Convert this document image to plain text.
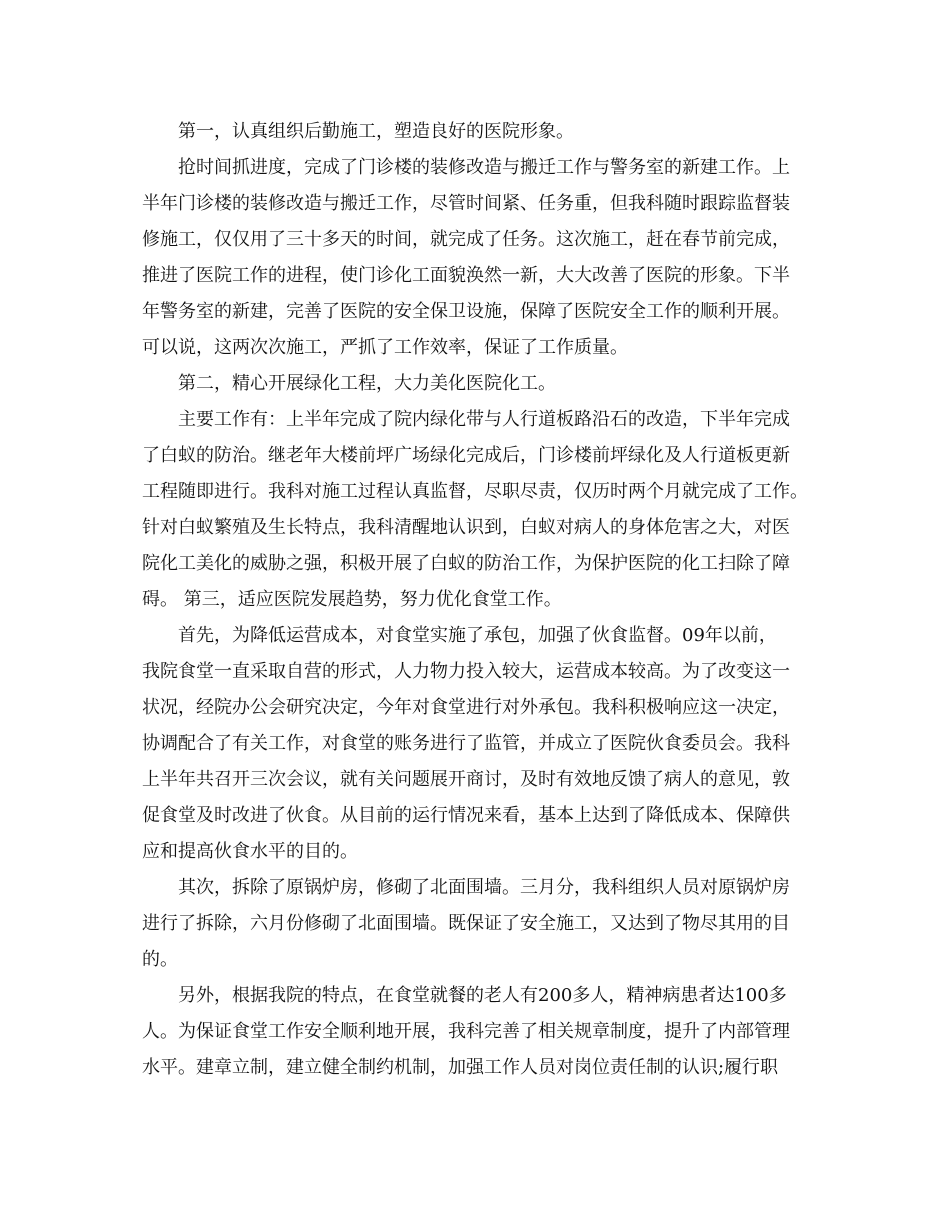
第一，认真组织后勤施工，塑造良好的医院形象。
抢时间抓进度，完成了门诊楼的装修改造与搬迁工作与警务室的新建工作。上
半年门诊楼的装修改造与搬迁工作，尽管时间紧、任务重，但我科随时跟踪监督装
修施工，仅仅用了三十多天的时间，就完成了任务。这次施工，赶在春节前完成，
推进了医院工作的进程，使门诊化工面貌涣然一新，大大改善了医院的形象。下半
年警务室的新建，完善了医院的安全保卫设施，保障了医院安全工作的顺利开展。
可以说，这两次次施工，严抓了工作效率，保证了工作质量。
第二，精心开展绿化工程，大力美化医院化工。
主要工作有：上半年完成了院内绿化带与人行道板路沿石的改造，下半年完成
了白蚁的防治。继老年大楼前坪广场绿化完成后，门诊楼前坪绿化及人行道板更新
工程随即进行。我科对施工过程认真监督，尽职尽责，仅历时两个月就完成了工作。
针对白蚁繁殖及生长特点，我科清醒地认识到，白蚁对病人的身体危害之大，对医
院化工美化的威胁之强，积极开展了白蚁的防治工作，为保护医院的化工扫除了障
碍。 第三，适应医院发展趋势，努力优化食堂工作。
首先，为降低运营成本，对食堂实施了承包，加强了伙食监督。09年以前，
我院食堂一直采取自营的形式，人力物力投入较大，运营成本较高。为了改变这一
状况，经院办公会研究决定，今年对食堂进行对外承包。我科积极响应这一决定，
协调配合了有关工作，对食堂的账务进行了监管，并成立了医院伙食委员会。我科
上半年共召开三次会议，就有关问题展开商讨，及时有效地反馈了病人的意见，敦
促食堂及时改进了伙食。从目前的运行情况来看，基本上达到了降低成本、保障供
应和提高伙食水平的目的。
其次，拆除了原锅炉房，修砌了北面围墙。三月分，我科组织人员对原锅炉房
进行了拆除，六月份修砌了北面围墙。既保证了安全施工，又达到了物尽其用的目
的。
另外，根据我院的特点，在食堂就餐的老人有200多人，精神病患者达100多
人。为保证食堂工作安全顺利地开展，我科完善了相关规章制度，提升了内部管理
水平。建章立制，建立健全制约机制，加强工作人员对岗位责任制的认识;履行职
